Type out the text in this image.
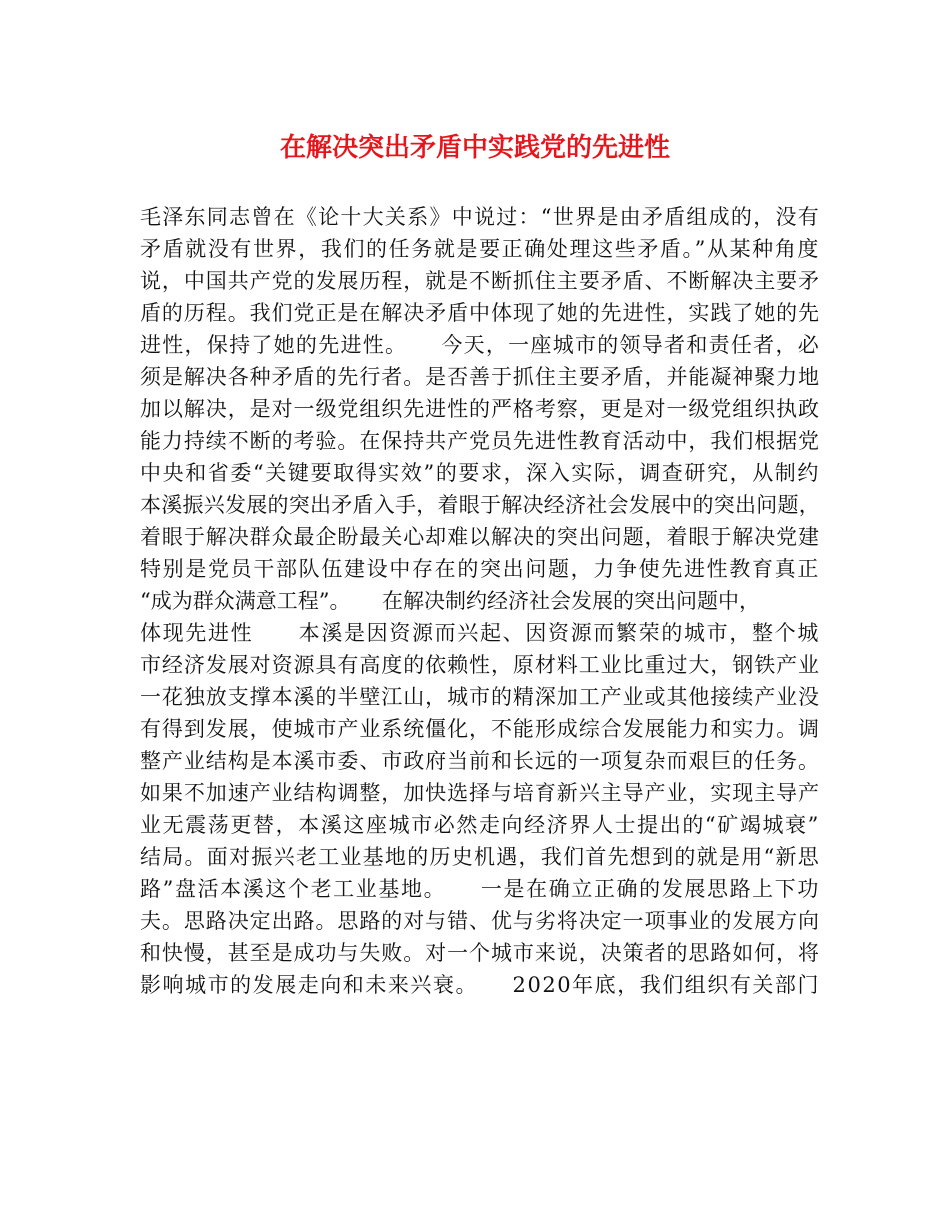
在解决突出矛盾中实践党的先进性
毛泽东同志曾在《论十大关系》中说过：“世界是由矛盾组成的，没有
矛盾就没有世界，我们的任务就是要正确处理这些矛盾。”从某种角度
说，中国共产党的发展历程，就是不断抓住主要矛盾、不断解决主要矛
盾的历程。我们党正是在解决矛盾中体现了她的先进性，实践了她的先
进性，保持了她的先进性。　　今天，一座城市的领导者和责任者，必
须是解决各种矛盾的先行者。是否善于抓住主要矛盾，并能凝神聚力地
加以解决，是对一级党组织先进性的严格考察，更是对一级党组织执政
能力持续不断的考验。在保持共产党员先进性教育活动中，我们根据党
中央和省委“关键要取得实效”的要求，深入实际，调查研究，从制约
本溪振兴发展的突出矛盾入手，着眼于解决经济社会发展中的突出问题，
着眼于解决群众最企盼最关心却难以解决的突出问题，着眼于解决党建
特别是党员干部队伍建设中存在的突出问题，力争使先进性教育真正
“成为群众满意工程”。　　在解决制约经济社会发展的突出问题中，
体现先进性　　本溪是因资源而兴起、因资源而繁荣的城市，整个城
市经济发展对资源具有高度的依赖性，原材料工业比重过大，钢铁产业
一花独放支撑本溪的半壁江山，城市的精深加工产业或其他接续产业没
有得到发展，使城市产业系统僵化，不能形成综合发展能力和实力。调
整产业结构是本溪市委、市政府当前和长远的一项复杂而艰巨的任务。
如果不加速产业结构调整，加快选择与培育新兴主导产业，实现主导产
业无震荡更替，本溪这座城市必然走向经济界人士提出的“矿竭城衰”
结局。面对振兴老工业基地的历史机遇，我们首先想到的就是用“新思
路”盘活本溪这个老工业基地。　　一是在确立正确的发展思路上下功
夫。思路决定出路。思路的对与错、优与劣将决定一项事业的发展方向
和快慢，甚至是成功与失败。对一个城市来说，决策者的思路如何，将
影响城市的发展走向和未来兴衰。　　2020年底，我们组织有关部门
